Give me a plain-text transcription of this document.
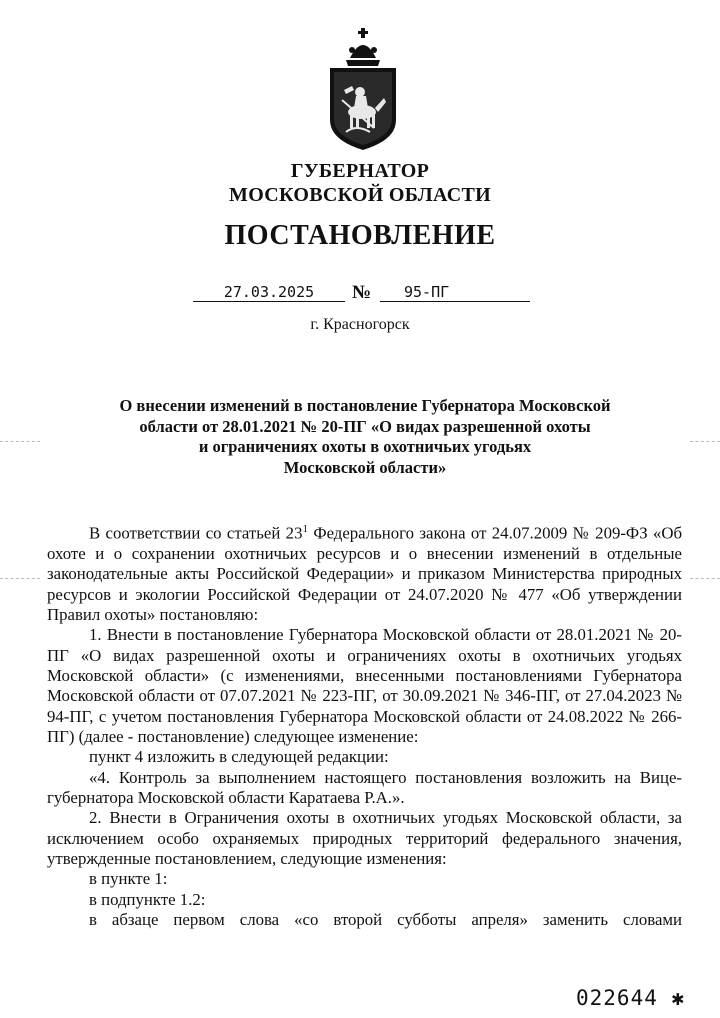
ГУБЕРНАТОР
МОСКОВСКОЙ ОБЛАСТИ
ПОСТАНОВЛЕНИЕ
27.03.2025	№	95-ПГ
г. Красногорск
О внесении изменений в постановление Губернатора Московской
области от 28.01.2021 № 20-ПГ «О видах разрешенной охоты
и ограничениях охоты в охотничьих угодьях
Московской области»

В соответствии со статьей $23^1$ Федерального закона от 24.07.2009 № 209-ФЗ «Об охоте и о сохранении охотничьих ресурсов и о внесении изменений в отдельные законодательные акты Российской Федерации» и приказом Министерства природных ресурсов и экологии Российской Федерации от 24.07.2020 № 477 «Об утверждении Правил охоты» постановляю:

1. Внести в постановление Губернатора Московской области от 28.01.2021 № 20-ПГ «О видах разрешенной охоты и ограничениях охоты в охотничьих угодьях Московской области» (с изменениями, внесенными постановлениями Губернатора Московской области от 07.07.2021 № 223-ПГ, от 30.09.2021 № 346-ПГ, от 27.04.2023 № 94-ПГ, с учетом постановления Губернатора Московской области от 24.08.2022 № 266-ПГ) (далее - постановление) следующее изменение:

пункт 4 изложить в следующей редакции:

«4. Контроль за выполнением настоящего постановления возложить на Вице-губернатора Московской области Каратаева Р.А.».

2. Внести в Ограничения охоты в охотничьих угодьях Московской области, за исключением особо охраняемых природных территорий федерального значения, утвержденные постановлением, следующие изменения:

в пункте 1:

в подпункте 1.2:

в абзаце первом слова «со второй субботы апреля» заменить словами

022644 ✱
